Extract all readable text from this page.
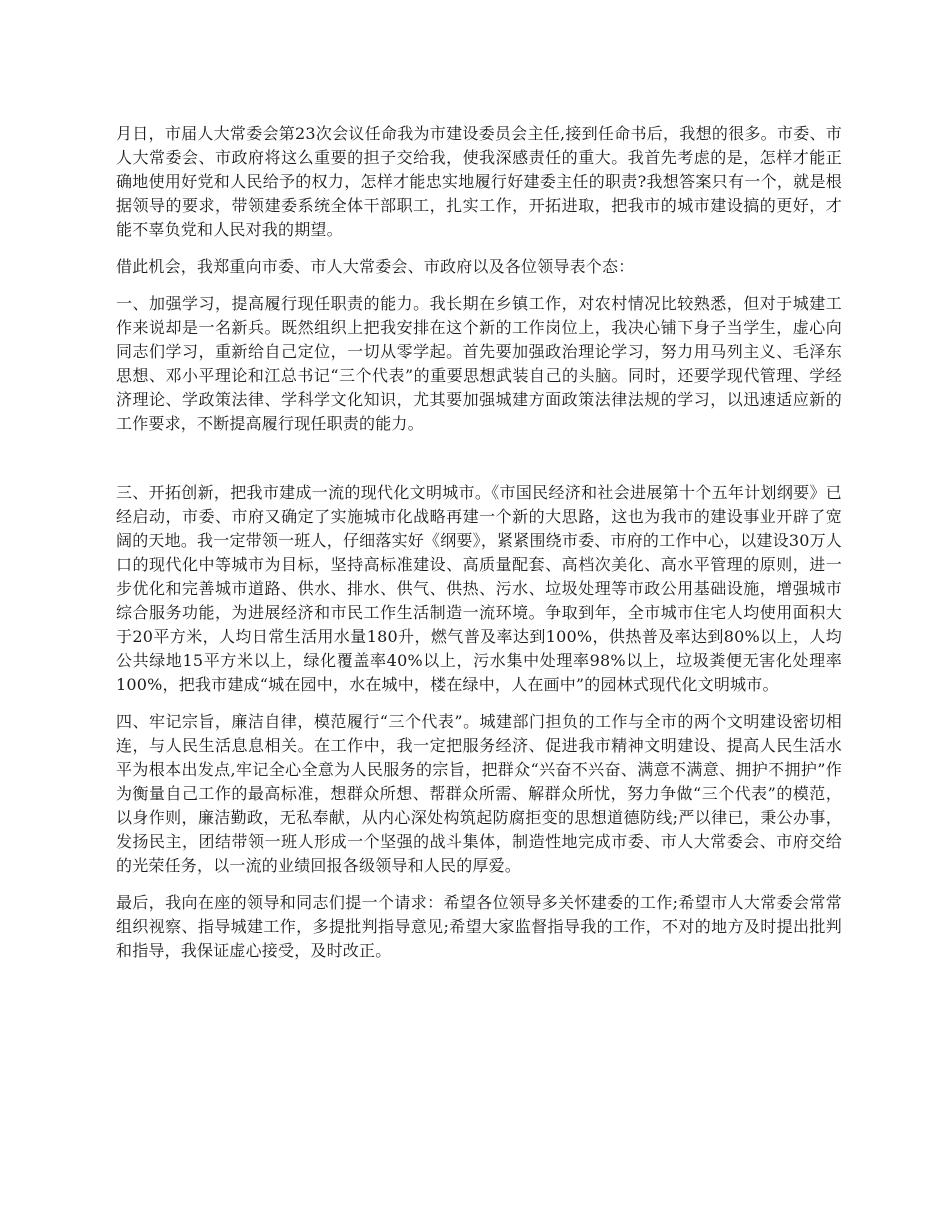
月日，市届人大常委会第23次会议任命我为市建设委员会主任,接到任命书后，我想的很多。市委、市人大常委会、市政府将这么重要的担子交给我，使我深感责任的重大。我首先考虑的是，怎样才能正确地使用好党和人民给予的权力，怎样才能忠实地履行好建委主任的职责?我想答案只有一个，就是根据领导的要求，带领建委系统全体干部职工，扎实工作，开拓进取，把我市的城市建设搞的更好，才能不辜负党和人民对我的期望。

借此机会，我郑重向市委、市人大常委会、市政府以及各位领导表个态：

一、加强学习，提高履行现任职责的能力。我长期在乡镇工作，对农村情况比较熟悉，但对于城建工作来说却是一名新兵。既然组织上把我安排在这个新的工作岗位上，我决心铺下身子当学生，虚心向同志们学习，重新给自己定位，一切从零学起。首先要加强政治理论学习，努力用马列主义、毛泽东思想、邓小平理论和江总书记“三个代表”的重要思想武装自己的头脑。同时，还要学现代管理、学经济理论、学政策法律、学科学文化知识，尤其要加强城建方面政策法律法规的学习，以迅速适应新的工作要求，不断提高履行现任职责的能力。

三、开拓创新，把我市建成一流的现代化文明城市。《市国民经济和社会进展第十个五年计划纲要》已经启动，市委、市府又确定了实施城市化战略再建一个新的大思路，这也为我市的建设事业开辟了宽阔的天地。我一定带领一班人，仔细落实好《纲要》，紧紧围绕市委、市府的工作中心，以建设30万人口的现代化中等城市为目标，坚持高标准建设、高质量配套、高档次美化、高水平管理的原则，进一步优化和完善城市道路、供水、排水、供气、供热、污水、垃圾处理等市政公用基础设施，增强城市综合服务功能，为进展经济和市民工作生活制造一流环境。争取到年，全市城市住宅人均使用面积大于20平方米，人均日常生活用水量180升，燃气普及率达到100%，供热普及率达到80%以上，人均公共绿地15平方米以上，绿化覆盖率40%以上，污水集中处理率98%以上，垃圾粪便无害化处理率100%，把我市建成“城在园中，水在城中，楼在绿中，人在画中”的园林式现代化文明城市。

四、牢记宗旨，廉洁自律，模范履行“三个代表”。城建部门担负的工作与全市的两个文明建设密切相连，与人民生活息息相关。在工作中，我一定把服务经济、促进我市精神文明建设、提高人民生活水平为根本出发点,牢记全心全意为人民服务的宗旨，把群众“兴奋不兴奋、满意不满意、拥护不拥护”作为衡量自己工作的最高标准，想群众所想、帮群众所需、解群众所忧，努力争做“三个代表”的模范，以身作则，廉洁勤政，无私奉献，从内心深处构筑起防腐拒变的思想道德防线;严以律已，秉公办事，发扬民主，团结带领一班人形成一个坚强的战斗集体，制造性地完成市委、市人大常委会、市府交给的光荣任务，以一流的业绩回报各级领导和人民的厚爱。

最后，我向在座的领导和同志们提一个请求：希望各位领导多关怀建委的工作;希望市人大常委会常常组织视察、指导城建工作，多提批判指导意见;希望大家监督指导我的工作，不对的地方及时提出批判和指导，我保证虚心接受，及时改正。
